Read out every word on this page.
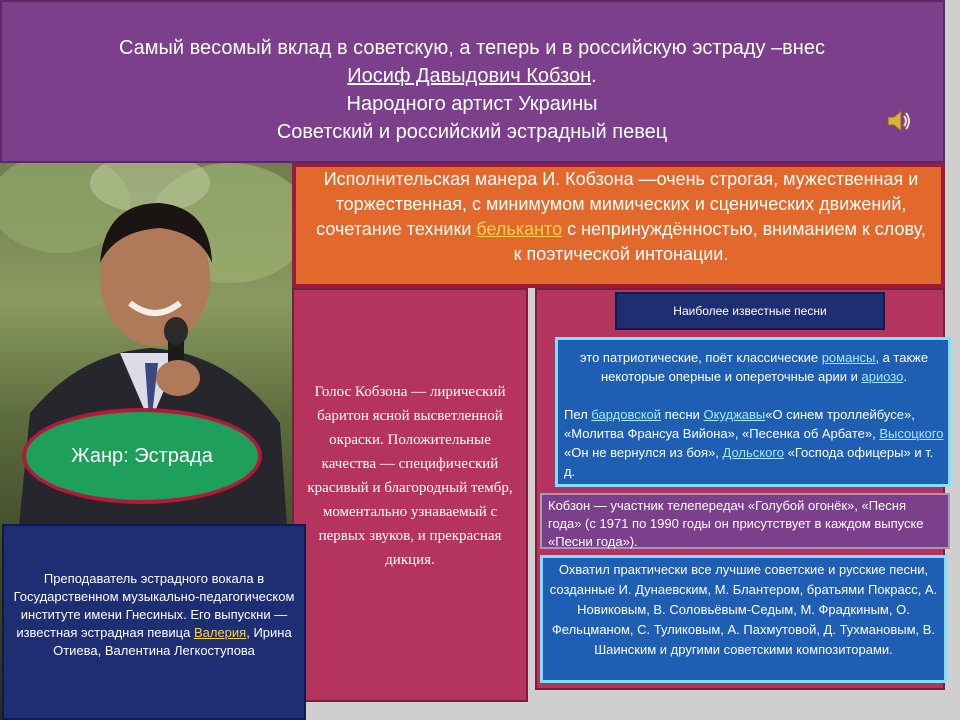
Самый весомый вклад в советскую, а теперь и в российскую эстраду –внес
Иосиф Давыдович Кобзон.
Народного артист Украины
Советский и российский эстрадный певец
Исполнительская манера И. Кобзона —очень строгая, мужественная и торжественная, с минимумом мимических и сценических движений, сочетание техники бельканто с непринуждённостью, вниманием к слову, к поэтической интонации.
Голос Кобзона — лирический баритон ясной высветленной окраски. Положительные качества — специфический красивый и благородный тембр, моментально узнаваемый с первых звуков, и прекрасная дикция.
Наиболее известные песни
это патриотические, поёт классические романсы, а также некоторые оперные и опереточные арии и ариозо.
Пел бардовской песни Окуджавы«О синем троллейбусе», «Молитва Франсуа Вийона», «Песенка об Арбате», Высоцкого «Он не вернулся из боя», Дольского «Господа офицеры» и т. д.
Кобзон — участник телепередач «Голубой огонёк», «Песня года» (с 1971 по 1990 годы он присутствует в каждом выпуске «Песни года»).
Охватил практически все лучшие советские и русские песни, созданные И. Дунаевским, М. Блантером, братьями Покрасс, А. Новиковым, В. Соловьёвым-Седым, М. Фрадкиным, О. Фельцманом, С. Туликовым, А. Пахмутовой, Д. Тухмановым, В. Шаинским и другими советскими композиторами.
Жанр: Эстрада
Преподаватель эстрадного вокала в Государственном музыкально-педагогическом институте имени Гнесиных. Его выпускни — известная эстрадная певица Валерия, Ирина Отиева, Валентина Легкоступова
